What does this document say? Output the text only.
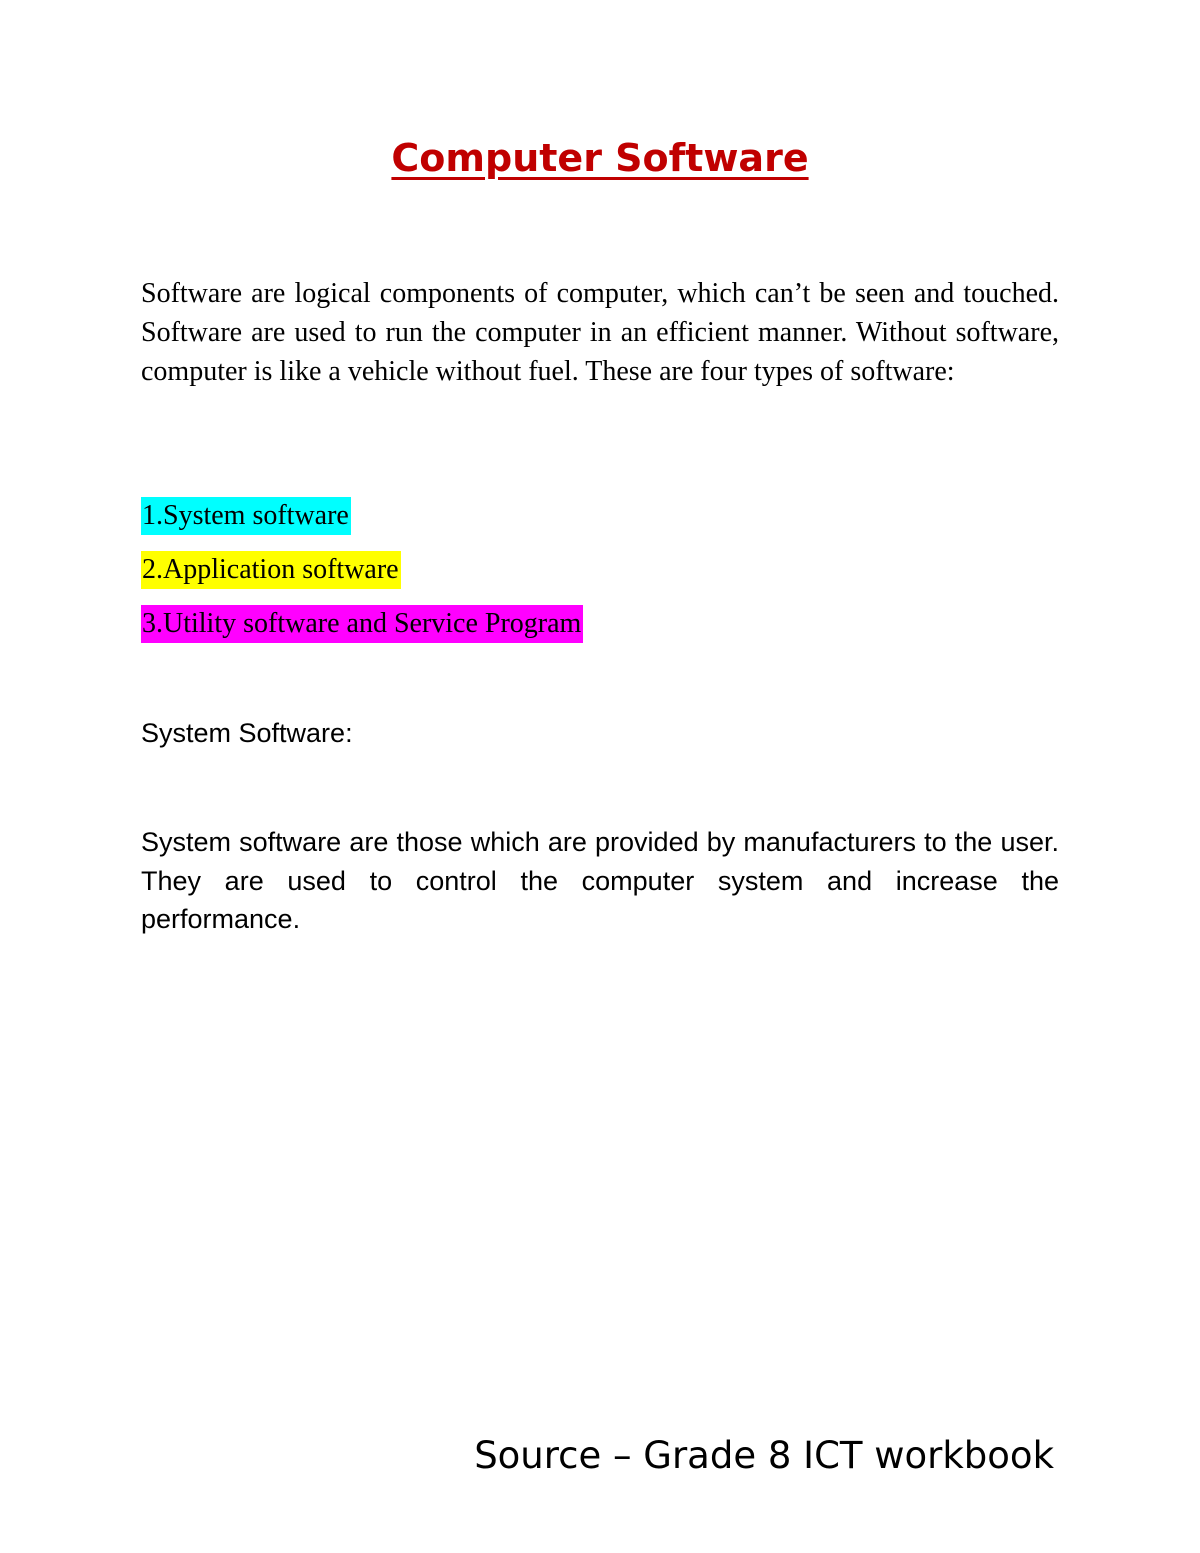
Computer Software

Software are logical components of computer, which can’t be seen and touched. Software are used to run the computer in an efficient manner. Without software, computer is like a vehicle without fuel. These are four types of software:

1.System software
2.Application software
3.Utility software and Service Program
System Software:

System software are those which are provided by manufacturers to the user. They are used to control the computer system and increase the performance.

Source – Grade 8 ICT workbook
